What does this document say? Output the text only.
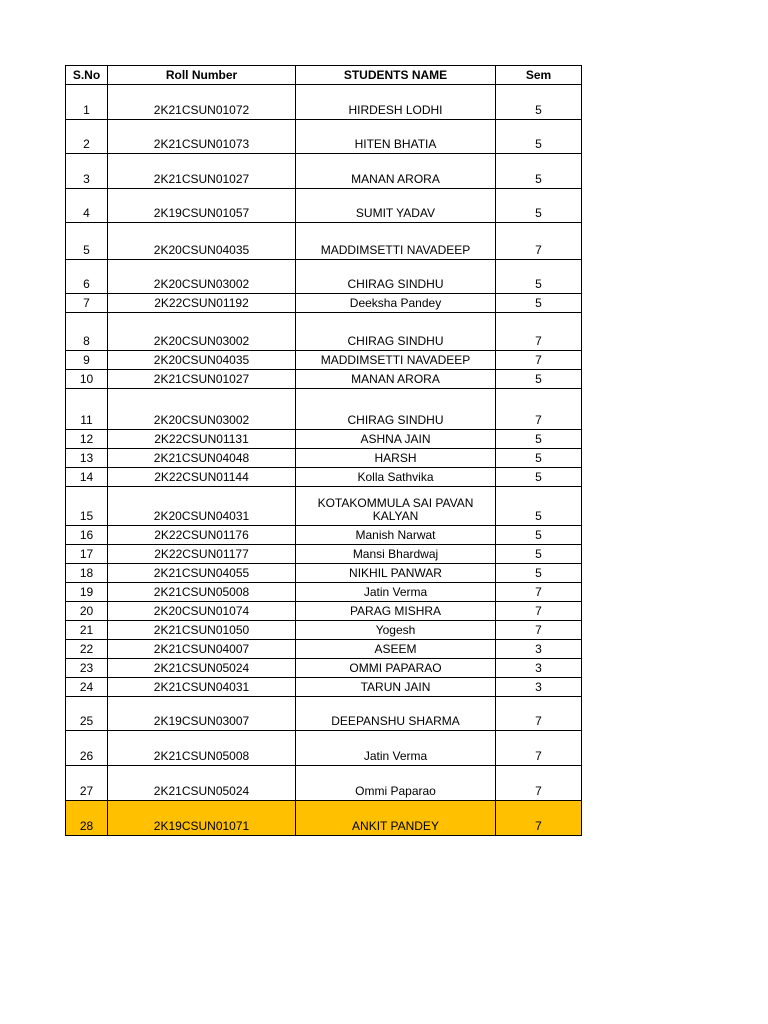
S.No	Roll Number	STUDENTS NAME	Sem
1	2K21CSUN01072	HIRDESH LODHI	5
2	2K21CSUN01073	HITEN BHATIA	5
3	2K21CSUN01027	MANAN ARORA	5
4	2K19CSUN01057	SUMIT YADAV	5
5	2K20CSUN04035	MADDIMSETTI NAVADEEP	7
6	2K20CSUN03002	CHIRAG SINDHU	5
7	2K22CSUN01192	Deeksha Pandey	5
8	2K20CSUN03002	CHIRAG SINDHU	7
9	2K20CSUN04035	MADDIMSETTI NAVADEEP	7
10	2K21CSUN01027	MANAN ARORA	5
11	2K20CSUN03002	CHIRAG SINDHU	7
12	2K22CSUN01131	ASHNA JAIN	5
13	2K21CSUN04048	HARSH	5
14	2K22CSUN01144	Kolla Sathvika	5
15	2K20CSUN04031	KOTAKOMMULA SAI PAVAN KALYAN	5
16	2K22CSUN01176	Manish Narwat	5
17	2K22CSUN01177	Mansi Bhardwaj	5
18	2K21CSUN04055	NIKHIL PANWAR	5
19	2K21CSUN05008	Jatin Verma	7
20	2K20CSUN01074	PARAG MISHRA	7
21	2K21CSUN01050	Yogesh	7
22	2K21CSUN04007	ASEEM	3
23	2K21CSUN05024	OMMI PAPARAO	3
24	2K21CSUN04031	TARUN JAIN	3
25	2K19CSUN03007	DEEPANSHU SHARMA	7
26	2K21CSUN05008	Jatin Verma	7
27	2K21CSUN05024	Ommi Paparao	7
28	2K19CSUN01071	ANKIT PANDEY	7
